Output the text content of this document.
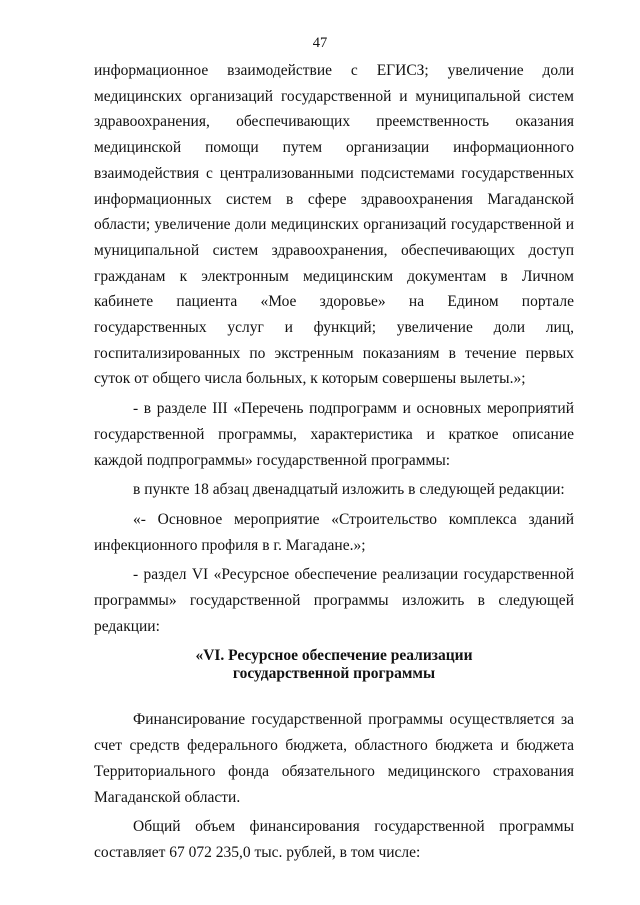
47

информационное взаимодействие с ЕГИСЗ; увеличение доли медицинских организаций государственной и муниципальной систем здравоохранения, обеспечивающих преемственность оказания медицинской помощи путем организации информационного взаимодействия с централизованными подсистемами государственных информационных систем в сфере здравоохранения Магаданской области; увеличение доли медицинских организаций государственной и муниципальной систем здравоохранения, обеспечивающих доступ гражданам к электронным медицинским документам в Личном кабинете пациента «Мое здоровье» на Едином портале государственных услуг и функций; увеличение доли лиц, госпитализированных по экстренным показаниям в течение первых суток от общего числа больных, к которым совершены вылеты.»;

- в разделе III «Перечень подпрограмм и основных мероприятий государственной программы, характеристика и краткое описание каждой подпрограммы» государственной программы:

в пункте 18 абзац двенадцатый изложить в следующей редакции:

«- Основное мероприятие «Строительство комплекса зданий инфекционного профиля в г. Магадане.»;

- раздел VI «Ресурсное обеспечение реализации государственной программы» государственной программы изложить в следующей редакции:

«VI. Ресурсное обеспечение реализации
государственной программы

Финансирование государственной программы осуществляется за счет средств федерального бюджета, областного бюджета и бюджета Территориального фонда обязательного медицинского страхования Магаданской области.

Общий объем финансирования государственной программы составляет 67 072 235,0 тыс. рублей, в том числе:
